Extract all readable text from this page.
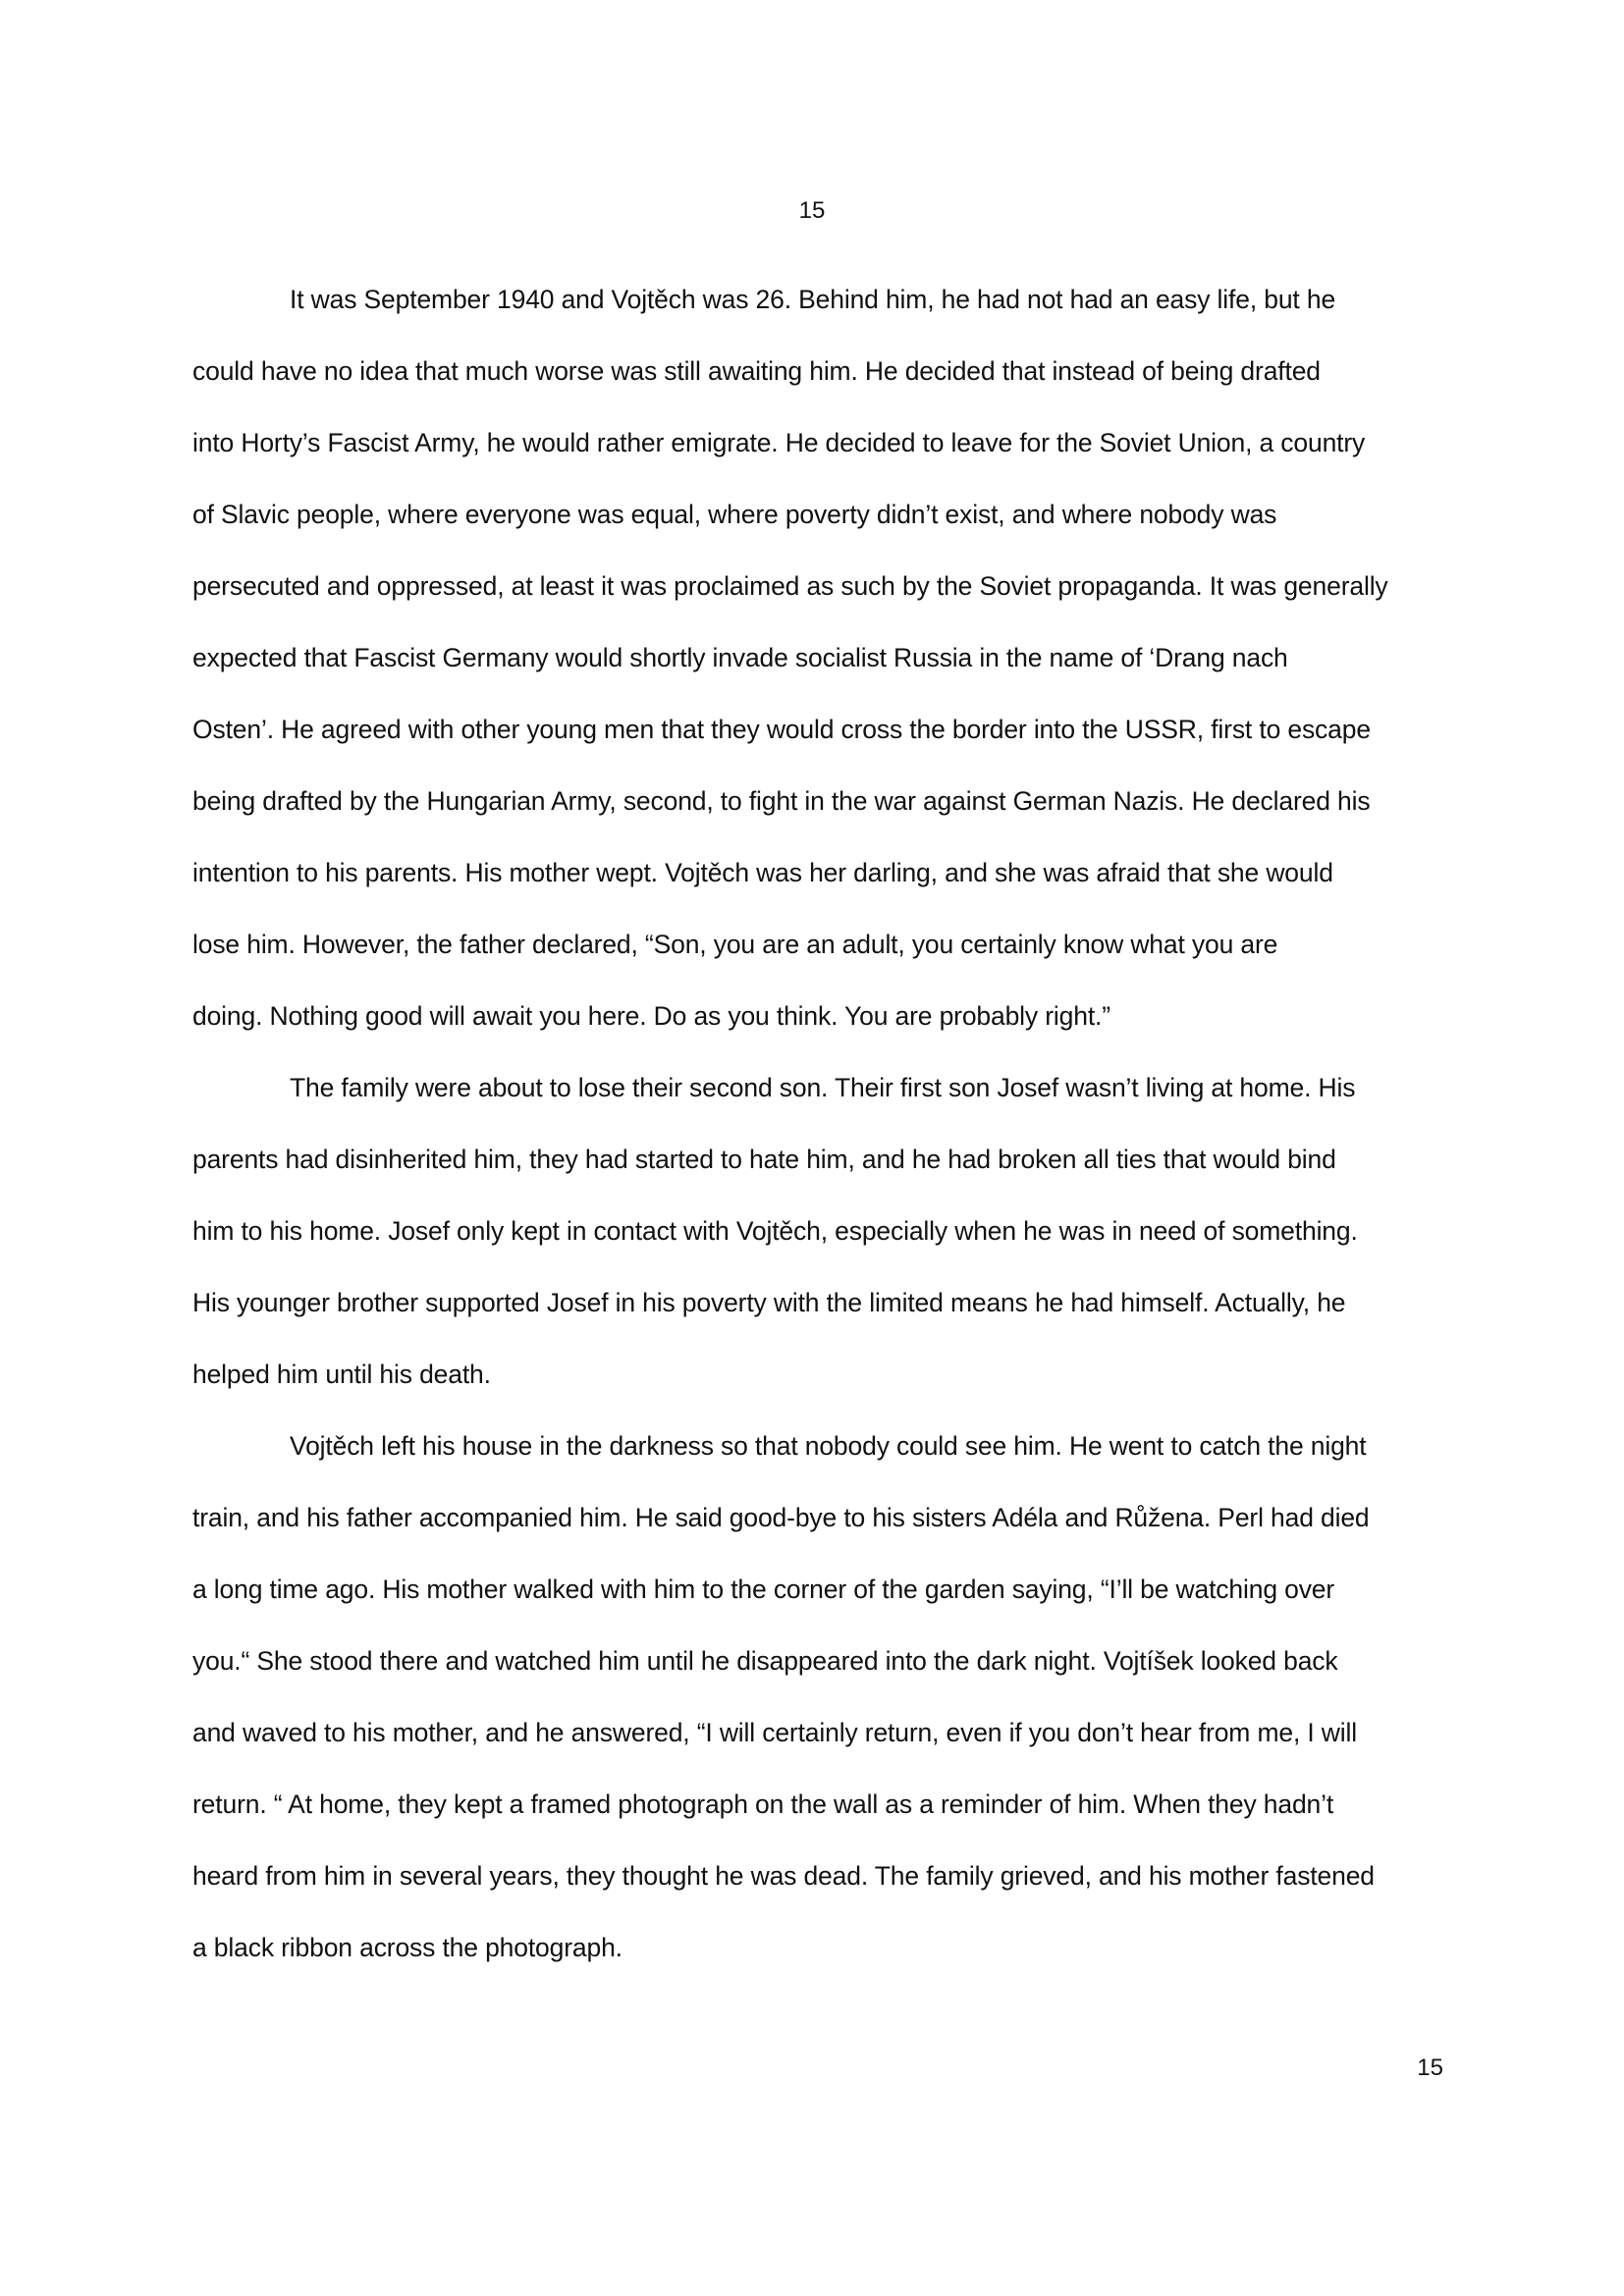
15
It was September 1940 and Vojtěch was 26. Behind him, he had not had an easy life, but he
could have no idea that much worse was still awaiting him. He decided that instead of being drafted
into Horty’s Fascist Army, he would rather emigrate. He decided to leave for the Soviet Union, a country
of Slavic people, where everyone was equal, where poverty didn’t exist, and where nobody was
persecuted and oppressed, at least it was proclaimed as such by the Soviet propaganda. It was generally
expected that Fascist Germany would shortly invade socialist Russia in the name of ‘Drang nach
Osten’. He agreed with other young men that they would cross the border into the USSR, first to escape
being drafted by the Hungarian Army, second, to fight in the war against German Nazis. He declared his
intention to his parents. His mother wept. Vojtěch was her darling, and she was afraid that she would
lose him. However, the father declared, “Son, you are an adult, you certainly know what you are
doing. Nothing good will await you here. Do as you think. You are probably right.”
The family were about to lose their second son. Their first son Josef wasn’t living at home. His
parents had disinherited him, they had started to hate him, and he had broken all ties that would bind
him to his home. Josef only kept in contact with Vojtěch, especially when he was in need of something.
His younger brother supported Josef in his poverty with the limited means he had himself. Actually, he
helped him until his death.
Vojtěch left his house in the darkness so that nobody could see him. He went to catch the night
train, and his father accompanied him. He said good-bye to his sisters Adéla and Růžena. Perl had died
a long time ago. His mother walked with him to the corner of the garden saying, “I’ll be watching over
you.“ She stood there and watched him until he disappeared into the dark night. Vojtíšek looked back
and waved to his mother, and he answered, “I will certainly return, even if you don’t hear from me, I will
return. “ At home, they kept a framed photograph on the wall as a reminder of him. When they hadn’t
heard from him in several years, they thought he was dead. The family grieved, and his mother fastened
a black ribbon across the photograph.
15
